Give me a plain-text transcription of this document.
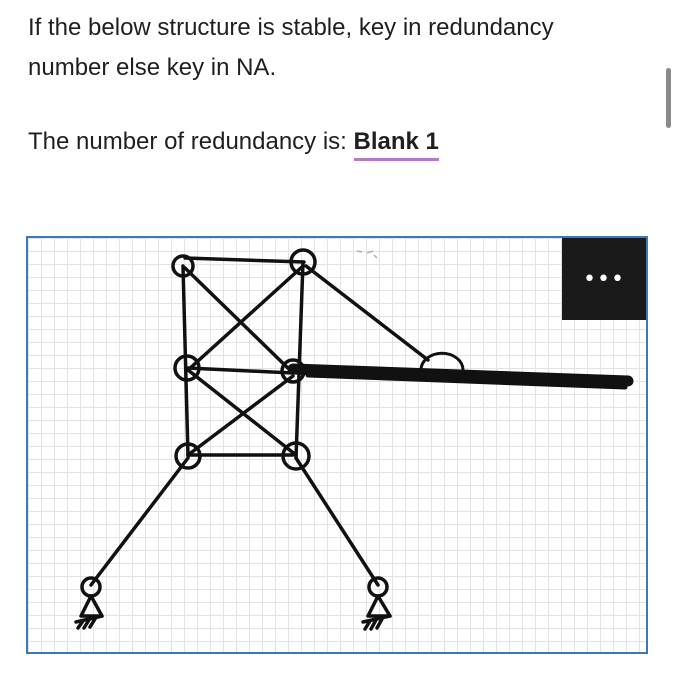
If the below structure is stable, key in redundancy

number else key in NA.

The number of redundancy is: Blank 1
•••
